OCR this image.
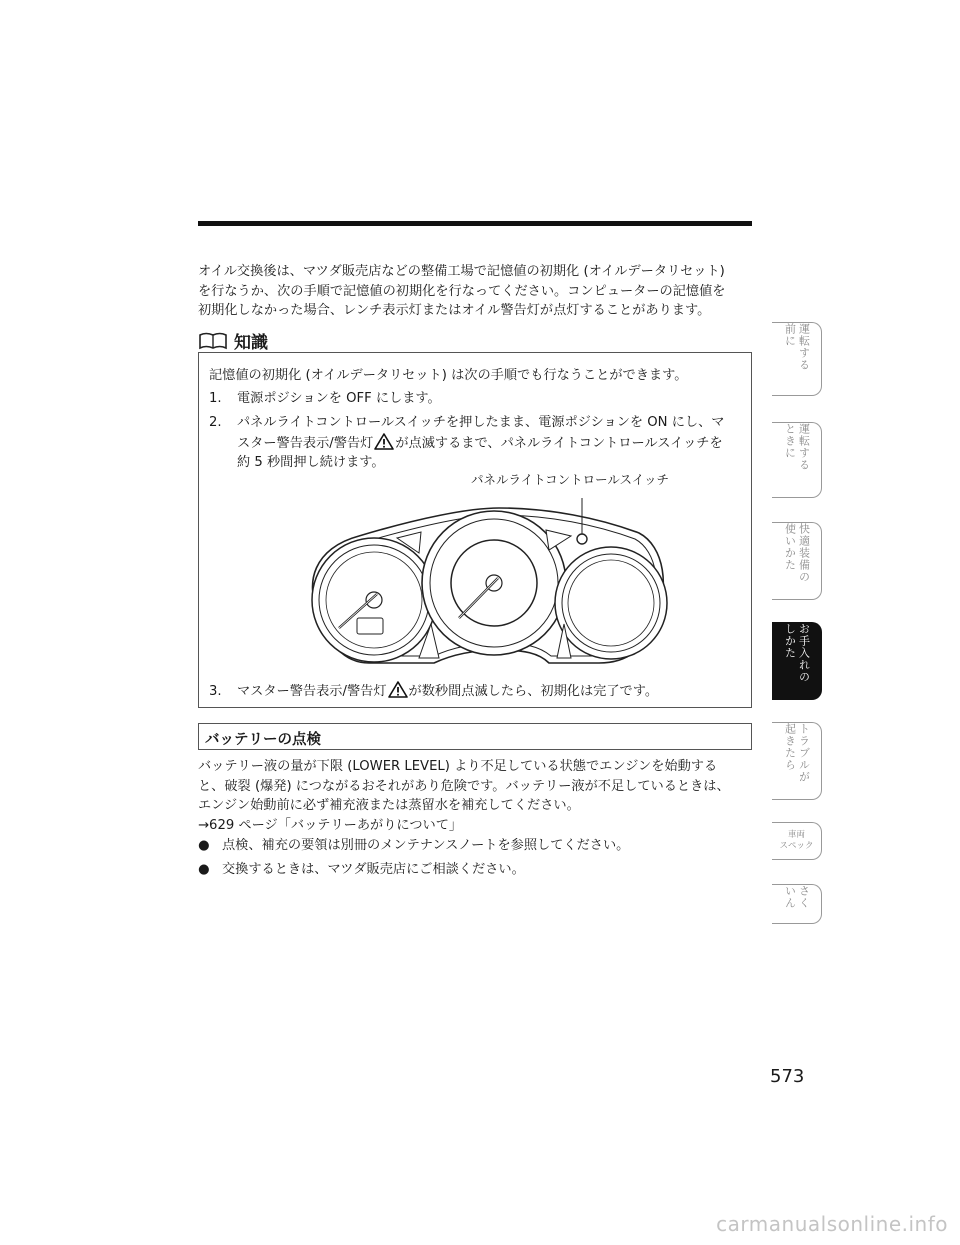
オイル交換後は、マツダ販売店などの整備工場で記憶値の初期化 (オイルデータリセット)

を行なうか、次の手順で記憶値の初期化を行なってください。コンピューターの記憶値を

初期化しなかった場合、レンチ表示灯またはオイル警告灯が点灯することがあります。

知識
記憶値の初期化 (オイルデータリセット) は次の手順でも行なうことができます。
1. 電源ポジションを OFF にします。
2. パネルライトコントロールスイッチを押したまま、電源ポジションを ON にし、マ
スター警告表示/警告灯 が点滅するまで、パネルライトコントロールスイッチを
約 5 秒間押し続けます。
パネルライトコントロールスイッチ
3. マスター警告表示/警告灯 が数秒間点滅したら、初期化は完了です。
バッテリーの点検

バッテリー液の量が下限 (LOWER LEVEL) より不足している状態でエンジンを始動する

と、破裂 (爆発) につながるおそれがあり危険です。バッテリー液が不足しているときは、

エンジン始動前に必ず補充液または蒸留水を補充してください。

→629 ページ「バッテリーあがりについて」

● 点検、補充の要領は別冊のメンテナンスノートを参照してください。
● 交換するときは、マツダ販売店にご相談ください。
運転する
前に
運転する
ときに
快適装備の
使いかた
お手入れの
しかた
トラブルが
起きたら
車両
スペック
さく
いん
573
carmanualsonline.info
